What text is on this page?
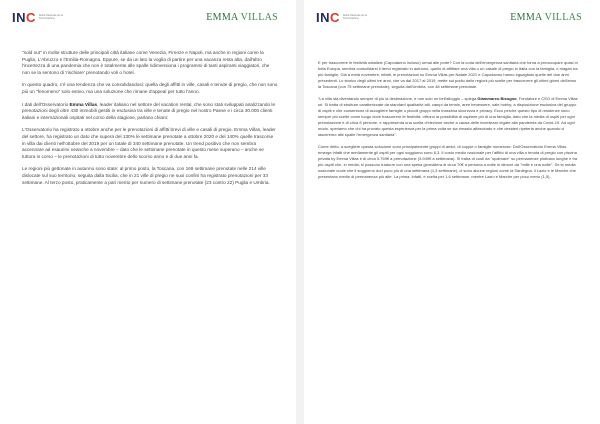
INC Istituto Nazionale per la Comunicazione	EMMA VILLAS

"sold out" in molte strutture delle principali città italiane come Venezia, Firenze e Napoli, ma anche in regioni come la Puglia, L'Abruzzo e l'Emilia-Romagna. Eppure, se da un lato la voglia di partire per una vacanza resta alta, dall'altro l'incertezza di una pandemia che non è totalmente alle spalle ridimensiona i programmi di tanti aspiranti viaggiatori, che non se la sentono di 'rischiare' prenotando voli o hotel.

In questo quadro, c'è una tendenza che va consolidandosi: quella degli affitti in ville, casali e tenute di pregio, che non sono più un "fenomeno" solo estivo, ma una soluzione che rimane d'appeal per tutto l'anno.

I dati dell'Osservatorio Emma Villas, leader italiano nel settore del vacation rental, che sono stati sviluppati analizzando le prenotazioni degli oltre 430 immobili gestiti in esclusiva tra ville e tenute di pregio nel nostro Paese e i circa 30.000 clienti italiani e internazionali ospitati nel corso della stagione, parlano chiaro:

L'Osservatorio ha registrato a ottobre anche per le prenotazioni di affitti brevi di ville e casali di pregio. Emma Villas, leader del settore, ha registrato un dato che supera del 130% le settimane prenotate a ottobre 2020 e del 140% quelle trascorse in villa dai clienti nell'ottobre del 2019 per un totale di 340 settimane prenotate. Un trend positivo che non sembra accennare ad esaurirsi neanche a novembre – dato che le settimane prenotate in questo mese superano – anche se tuttora in corso – le prenotazioni di tutto novembre dello scorso anno e di due anni fa.

Le regioni più gettonate in autunno sono state: al primo posto, la Toscana, con 169 settimane prenotate nelle 214 ville dislocate sul suo territorio, seguita dalla Sicilia, che in 21 ville di pregio ne suoi confini ha registrato prenotazioni per 33 settimane. Al terzo posto, praticamente a pari merito per numero di settimane prenotate (23 contro 22) Puglia e Umbria.

INC Istituto Nazionale per la Comunicazione	EMMA VILLAS

E per trascorrere le festività natalizie (Capodanno incluso) ormai alle porte? Con la coda dell'emergenza sanitaria che torna a preoccupare quasi in tutta Europa, sembra consolidarsi il trend registrato in autunno, quello di affittare una villa o un casale di pregio in Italia con la famiglia, o magari tra più famiglie. Già a metà novembre, infatti, le prenotazioni su Emma Villas per Natale 2021 e Capodanno hanno eguagliato quelle del due anni precedenti. Lo storico degli ultimi tre anni, che va dal 2017 al 2019, mette sul podio delle regioni più scelte per trascorrere gli ultimi giorni dell'anno la Toscana (con 75 settimane prenotate), seguita dall'Umbria, con 48 settimane prenotate.

"La villa sta diventando sempre di più la destinazione, e non solo un bell'alloggio – spiega Giammarco Bisogno, Fondatore e CEO di Emma Villas srl. Si tratta di strutture caratterizzate da standard qualitativi alti, campi da tennis, aree benessere, sale hobby, a disposizione esclusiva del gruppo di ospiti e che consentono di accogliere famiglie o piccoli gruppi nella massima sicurezza e privacy. Ecco perché questo tipo di residenze sono sempre più scelte come luogo dove trascorrere le festività: offrono la possibilità di ospitare più di una famiglia, dato che la media di ospiti per ogni prenotazione è di circa 8 persone, e rappresenta una scelta d'elezione anche a causa delle incertezze legate alla pandemia da Covid-19. Ad ogni modo, speriamo che chi ha provato questa esperienza per la prima volta se sia rimasto affascinato e che desideri ripeterla anche quando ci lasceremo alle spalle l'emergenza sanitaria".

Come detto, a scegliere questa soluzione sono principalmente gruppi di amici, di coppie o famiglie numerose: Dall'Osservatorio Emma Villas emerge infatti che mediamente gli ospiti per ogni soggiorno sono 8,3. Il costo medio nazionale per l'affitto di una villa o tenuta di pregio con piscina privata by Emma Villas è di circa 5.759€ a prenotazione (3.949€ a settimana). Si tratta di costi da "spalmare" su permanenze piuttosto lunghe e tra più ospiti che, in media, si possono tradurre con una spesa giornaliera di circa 70€ a persona a notte in dimore da "mille e una notte". Se la media nazionale vuole che il soggiorno duri poco più di una settimana (1,3 settimane), ci sono alcune regioni come la Sardegna, il Lazio e le Marche che presentano medie di permanenza più alte. La prima, infatti, è scelta per 1,6 settimane, mentre Lazio e Marche per poco meno (1,5).
